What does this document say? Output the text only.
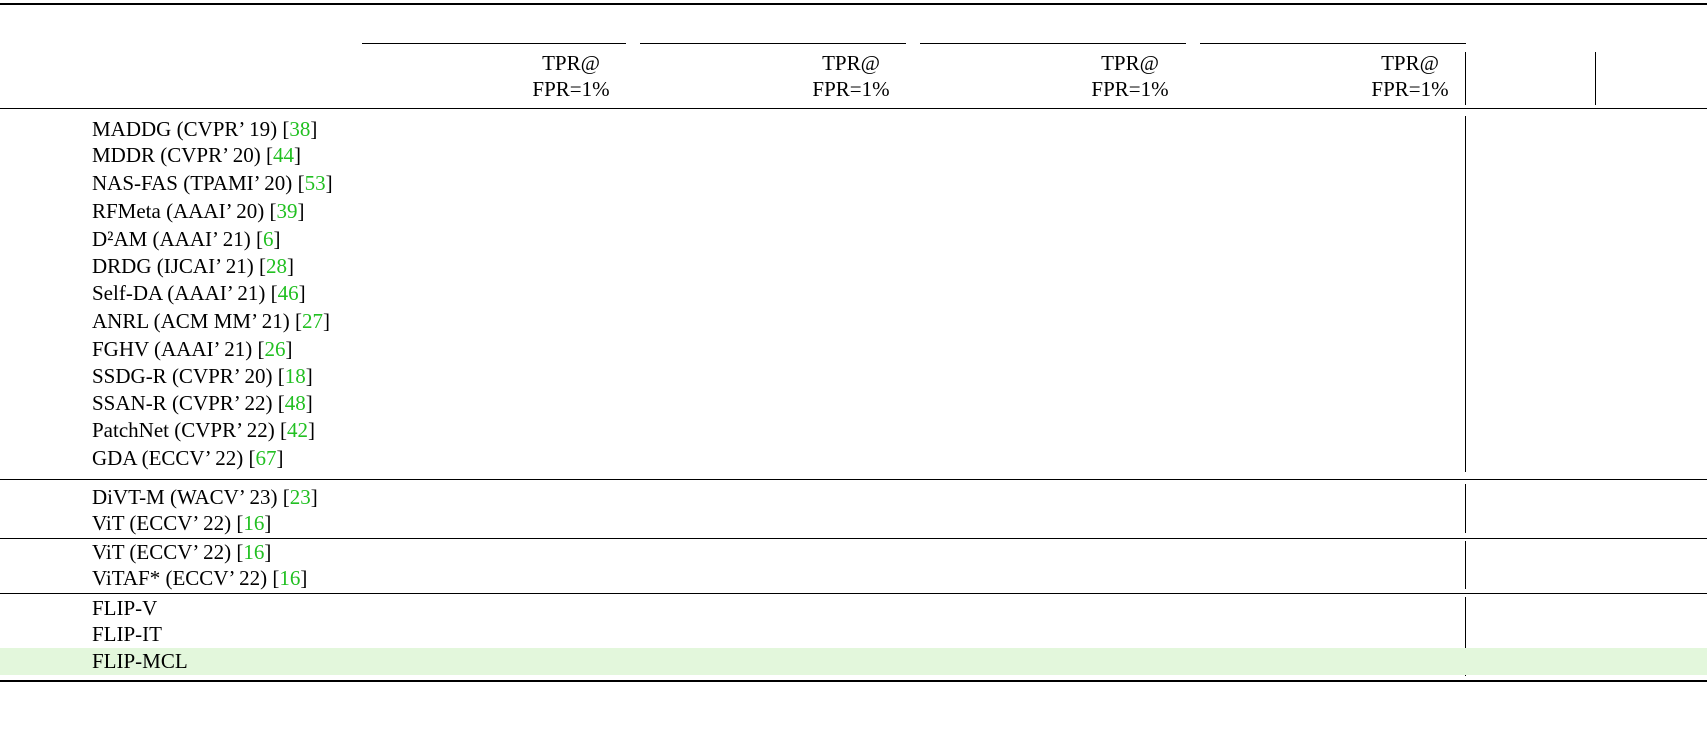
TPR@
FPR=1%
TPR@
FPR=1%
TPR@
FPR=1%
TPR@
FPR=1%
MADDG (CVPR’ 19) [38]
MDDR (CVPR’ 20) [44]
NAS-FAS (TPAMI’ 20) [53]
RFMeta (AAAI’ 20) [39]
D²AM (AAAI’ 21) [6]
DRDG (IJCAI’ 21) [28]
Self-DA (AAAI’ 21) [46]
ANRL (ACM MM’ 21) [27]
FGHV (AAAI’ 21) [26]
SSDG-R (CVPR’ 20) [18]
SSAN-R (CVPR’ 22) [48]
PatchNet (CVPR’ 22) [42]
GDA (ECCV’ 22) [67]
DiVT-M (WACV’ 23) [23]
ViT (ECCV’ 22) [16]
ViT (ECCV’ 22) [16]
ViTAF* (ECCV’ 22) [16]
FLIP-V
FLIP-IT
FLIP-MCL
